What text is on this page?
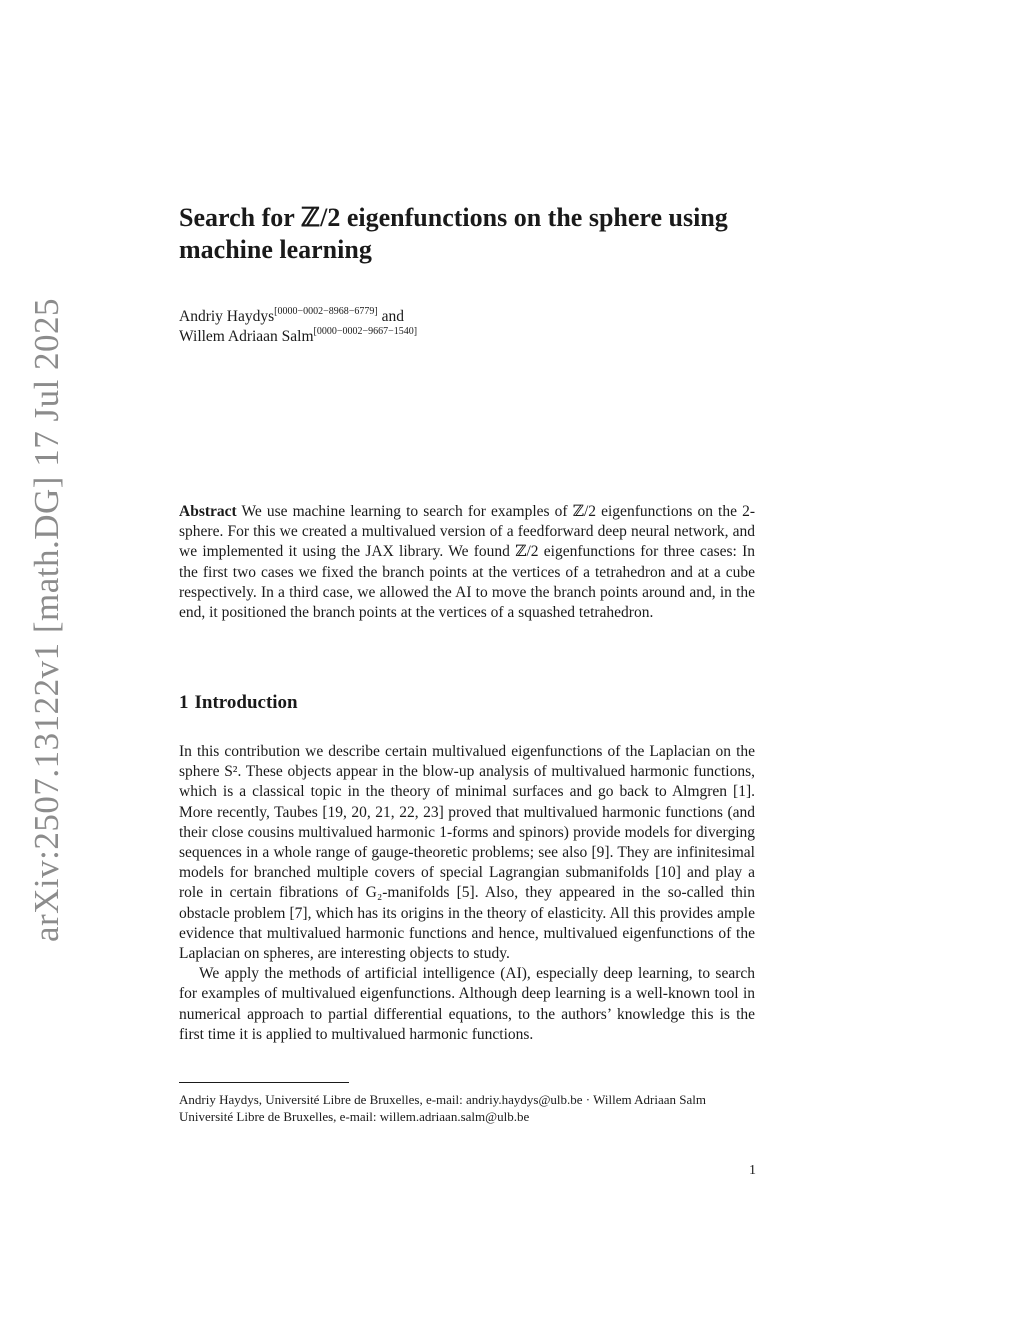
arXiv:2507.13122v1 [math.DG] 17 Jul 2025
Search for ℤ/2 eigenfunctions on the sphere using
machine learning
Andriy Haydys[0000−0002−8968−6779] and
Willem Adriaan Salm[0000−0002−9667−1540]
Abstract We use machine learning to search for examples of ℤ/2 eigenfunctions on the 2-sphere. For this we created a multivalued version of a feedforward deep neural network, and we implemented it using the JAX library. We found ℤ/2 eigenfunctions for three cases: In the first two cases we fixed the branch points at the vertices of a tetrahedron and at a cube respectively. In a third case, we allowed the AI to move the branch points around and, in the end, it positioned the branch points at the vertices of a squashed tetrahedron.
1 Introduction

In this contribution we describe certain multivalued eigenfunctions of the Laplacian on the sphere S². These objects appear in the blow-up analysis of multivalued harmonic functions, which is a classical topic in the theory of minimal surfaces and go back to Almgren [1]. More recently, Taubes [19, 20, 21, 22, 23] proved that multivalued harmonic functions (and their close cousins multivalued harmonic 1-forms and spinors) provide models for diverging sequences in a whole range of gauge-theoretic problems; see also [9]. They are infinitesimal models for branched multiple covers of special Lagrangian submanifolds [10] and play a role in certain fibrations of G₂-manifolds [5]. Also, they appeared in the so-called thin obstacle problem [7], which has its origins in the theory of elasticity. All this provides ample evidence that multivalued harmonic functions and hence, multivalued eigenfunctions of the Laplacian on spheres, are interesting objects to study.

We apply the methods of artificial intelligence (AI), especially deep learning, to search for examples of multivalued eigenfunctions. Although deep learning is a well-known tool in numerical approach to partial differential equations, to the authors’ knowledge this is the first time it is applied to multivalued harmonic functions.

Andriy Haydys, Université Libre de Bruxelles, e-mail: andriy.haydys@ulb.be · Willem Adriaan Salm
Université Libre de Bruxelles, e-mail: willem.adriaan.salm@ulb.be
1
